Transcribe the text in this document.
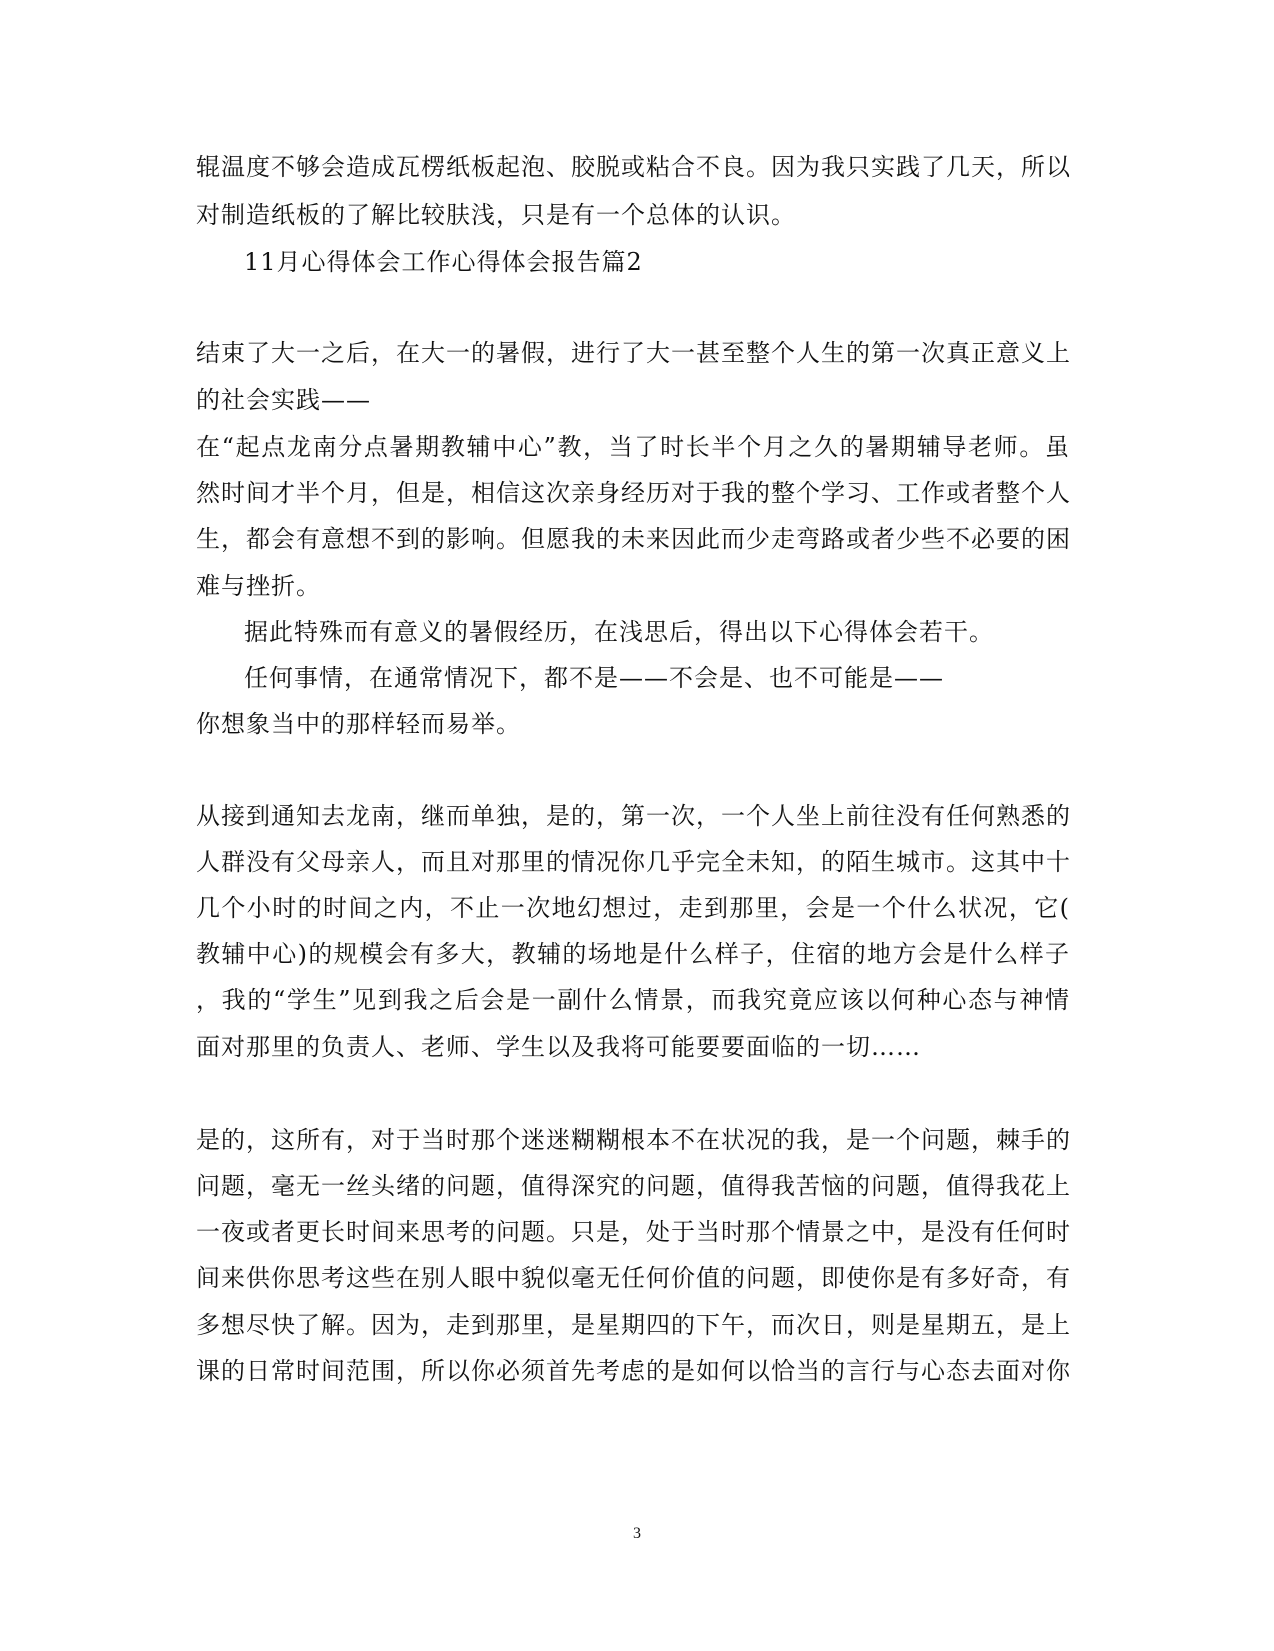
辊温度不够会造成瓦楞纸板起泡、胶脱或粘合不良。因为我只实践了几天，所以
对制造纸板的了解比较肤浅，只是有一个总体的认识。
11月心得体会工作心得体会报告篇2
结束了大一之后，在大一的暑假，进行了大一甚至整个人生的第一次真正意义上
的社会实践——
在“起点龙南分点暑期教辅中心”教，当了时长半个月之久的暑期辅导老师。虽
然时间才半个月，但是，相信这次亲身经历对于我的整个学习、工作或者整个人
生，都会有意想不到的影响。但愿我的未来因此而少走弯路或者少些不必要的困
难与挫折。
据此特殊而有意义的暑假经历，在浅思后，得出以下心得体会若干。
任何事情，在通常情况下，都不是——不会是、也不可能是——
你想象当中的那样轻而易举。
从接到通知去龙南，继而单独，是的，第一次，一个人坐上前往没有任何熟悉的
人群没有父母亲人，而且对那里的情况你几乎完全未知，的陌生城市。这其中十
几个小时的时间之内，不止一次地幻想过，走到那里，会是一个什么状况，它(
教辅中心)的规模会有多大，教辅的场地是什么样子，住宿的地方会是什么样子
，我的“学生”见到我之后会是一副什么情景，而我究竟应该以何种心态与神情
面对那里的负责人、老师、学生以及我将可能要要面临的一切……
是的，这所有，对于当时那个迷迷糊糊根本不在状况的我，是一个问题，棘手的
问题，毫无一丝头绪的问题，值得深究的问题，值得我苦恼的问题，值得我花上
一夜或者更长时间来思考的问题。只是，处于当时那个情景之中，是没有任何时
间来供你思考这些在别人眼中貌似毫无任何价值的问题，即使你是有多好奇，有
多想尽快了解。因为，走到那里，是星期四的下午，而次日，则是星期五，是上
课的日常时间范围，所以你必须首先考虑的是如何以恰当的言行与心态去面对你
3
